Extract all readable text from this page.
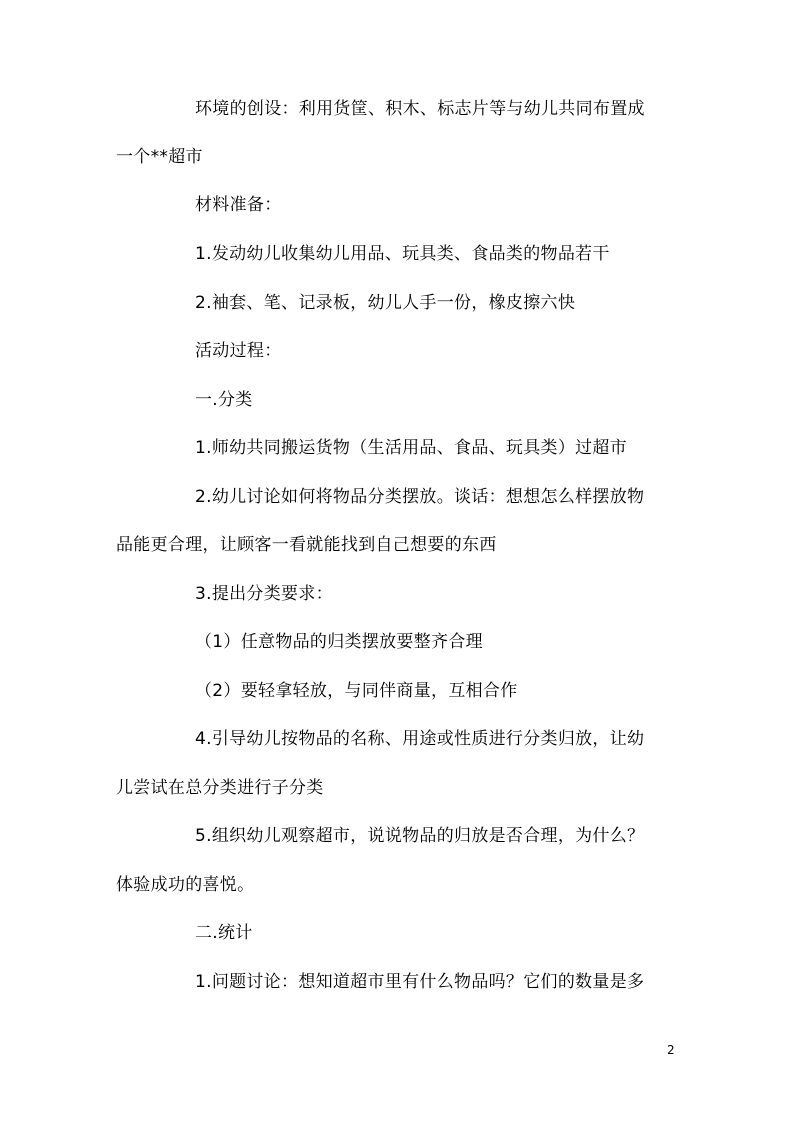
环境的创设：利用货筐、积木、标志片等与幼儿共同布置成
一个**超市
材料准备：
1.发动幼儿收集幼儿用品、玩具类、食品类的物品若干
2.袖套、笔、记录板，幼儿人手一份，橡皮擦六快
活动过程：
一.分类
1.师幼共同搬运货物（生活用品、食品、玩具类）过超市
2.幼儿讨论如何将物品分类摆放。谈话：想想怎么样摆放物
品能更合理，让顾客一看就能找到自己想要的东西
3.提出分类要求：
（1）任意物品的归类摆放要整齐合理
（2）要轻拿轻放，与同伴商量，互相合作
4.引导幼儿按物品的名称、用途或性质进行分类归放，让幼
儿尝试在总分类进行子分类
5.组织幼儿观察超市，说说物品的归放是否合理，为什么？
体验成功的喜悦。
二.统计
1.问题讨论：想知道超市里有什么物品吗？它们的数量是多
2
